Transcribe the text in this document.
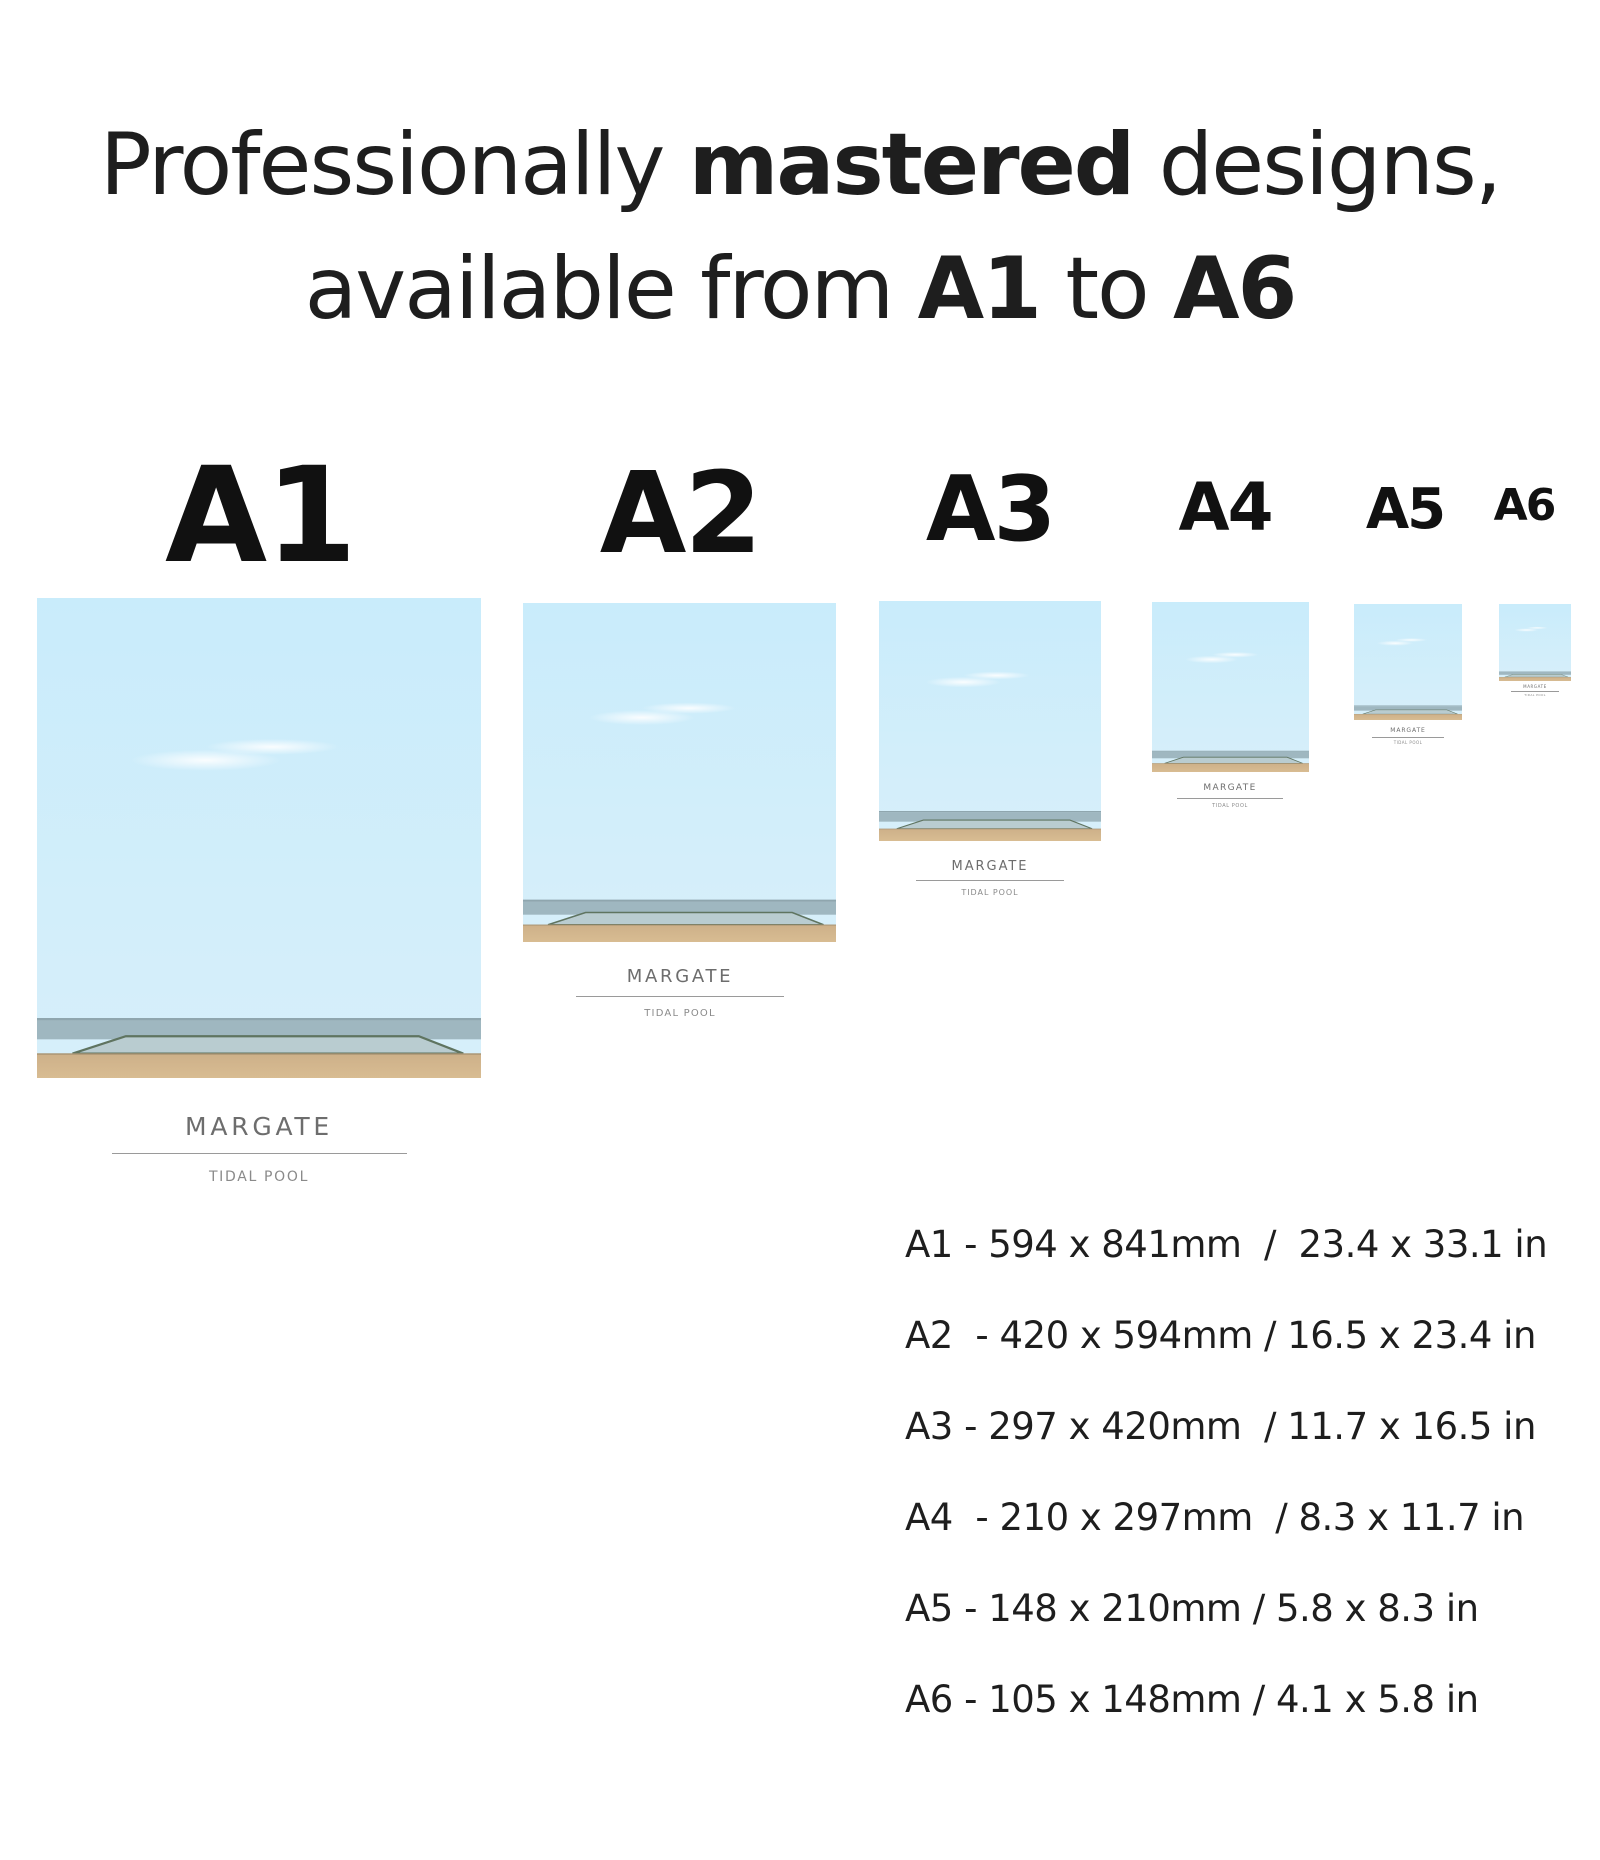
Professionally mastered designs,
available from A1 to A6
A1 A2 A3 A4	A5	A6
MARGATE
TIDAL POOL
MARGATE
TIDAL POOL
MARGATE
TIDAL POOL
MARGATE
TIDAL POOL
MARGATE
TIDAL POOL
MARGATE
TIDAL POOL
A1 - 594 x 841mm  /  23.4 x 33.1 in
A2  - 420 x 594mm / 16.5 x 23.4 in
A3 - 297 x 420mm  / 11.7 x 16.5 in
A4  - 210 x 297mm  / 8.3 x 11.7 in
A5 - 148 x 210mm / 5.8 x 8.3 in
A6 - 105 x 148mm / 4.1 x 5.8 in
